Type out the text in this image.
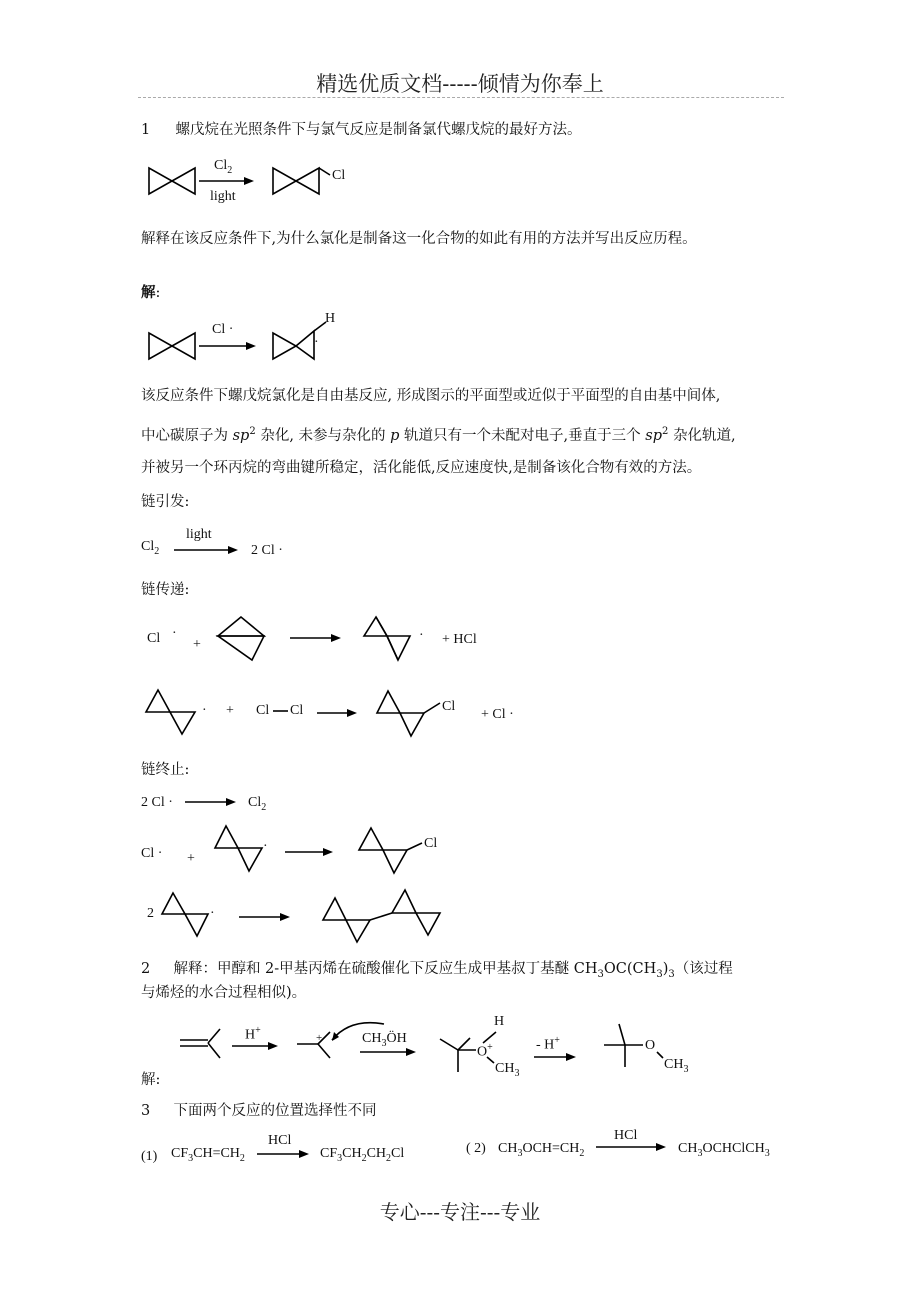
精选优质文档-----倾情为你奉上
专心---专注---专业
1 螺戊烷在光照条件下与氯气反应是制备氯代螺戊烷的最好方法。
$Cl_2$
light
Cl
解释在该反应条件下,为什么氯化是制备这一化合物的如此有用的方法并写出反应历程。
解:
Cl ·
H
·
该反应条件下螺戊烷氯化是自由基反应, 形成图示的平面型或近似于平面型的自由基中间体,
中心碳原子为 $sp^2$ 杂化, 未参与杂化的 p 轨道只有一个未配对电子,垂直于三个 $sp^2$ 杂化轨道,
并被另一个环丙烷的弯曲键所稳定，活化能低,反应速度快,是制备该化合物有效的方法。
链引发:
$Cl_2$
light
2 Cl ·
链传递:
Cl ·
+
· + HCl
· + Cl Cl	Cl
+ Cl ·
链终止:
2 Cl ·	$Cl_2$
Cl · +
·	Cl
2	·
2 解释：甲醇和 2-甲基丙烯在硫酸催化下反应生成甲基叔丁基醚 $CH_3OC(CH_3)_3$（该过程
与烯烃的水合过程相似)。
H+
+	$CH_3ÖH$
H
O+
$CH_3$
- H+	O
$CH_3$
解:
3 下面两个反应的位置选择性不同
(1) $CF_3CH=CH_2$
HCl
$CF_3CH_2CH_2Cl$	( 2) $CH_3OCH=CH_2$
HCl
$CH_3OCHClCH_3$
